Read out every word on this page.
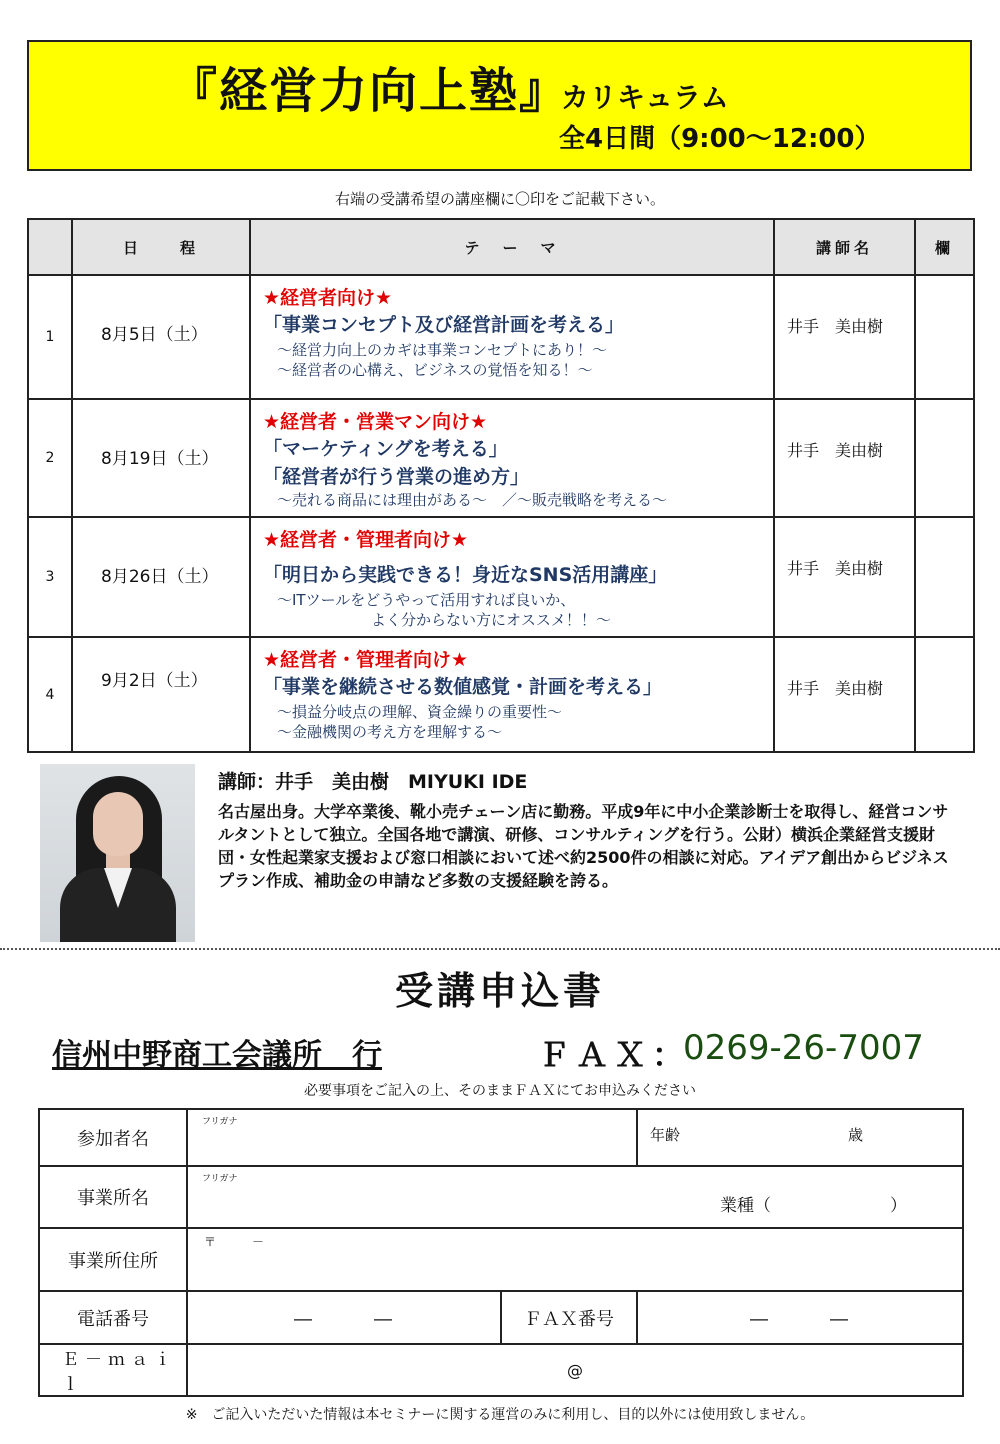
『経営力向上塾』
カリキュラム
全4日間（9:00～12:00）
右端の受講希望の講座欄に〇印をご記載下さい。
	日　　程	テ　ー　マ	講師名	欄
1	8月5日（土）	★経営者向け★
「事業コンセプト及び経営計画を考える」
～経営力向上のカギは事業コンセプトにあり！～
～経営者の心構え、ビジネスの覚悟を知る！～	井手　美由樹	
2	8月19日（土）	★経営者・営業マン向け★
「マーケティングを考える」
「経営者が行う営業の進め方」
～売れる商品には理由がある～　／～販売戦略を考える～	井手　美由樹	
3	8月26日（土）	★経営者・管理者向け★
「明日から実践できる！身近なSNS活用講座」
～ITツールをどうやって活用すれば良いか、
よく分からない方にオススメ！！～	井手　美由樹	
4	9月2日（土）	★経営者・管理者向け★
「事業を継続させる数値感覚・計画を考える」
～損益分岐点の理解、資金繰りの重要性～
～金融機関の考え方を理解する～	井手　美由樹	
講師：井手　美由樹　MIYUKI IDE
名古屋出身。大学卒業後、靴小売チェーン店に勤務。平成9年に中小企業診断士を取得し、経営コンサルタントとして独立。全国各地で講演、研修、コンサルティングを行う。公財）横浜企業経営支援財団・女性起業家支援および窓口相談において述べ約2500件の相談に対応。アイデア創出からビジネスプラン作成、補助金の申請など多数の支援経験を誇る。
受講申込書
信州中野商工会議所　行	ＦＡＸ：
0269-26-7007
必要事項をご記入の上、そのままＦＡＸにてお申込みください
参加者名	フリガナ		年齢 歳

事業所名	フリガナ
業種（　　　　　　　）		

事業所住所	〒　　　－		

電話番号	―　　　―	ＦＡＸ番号	―　　　―
Ｅ－ｍａｉｌ	@		
※　ご記入いただいた情報は本セミナーに関する運営のみに利用し、目的以外には使用致しません。
